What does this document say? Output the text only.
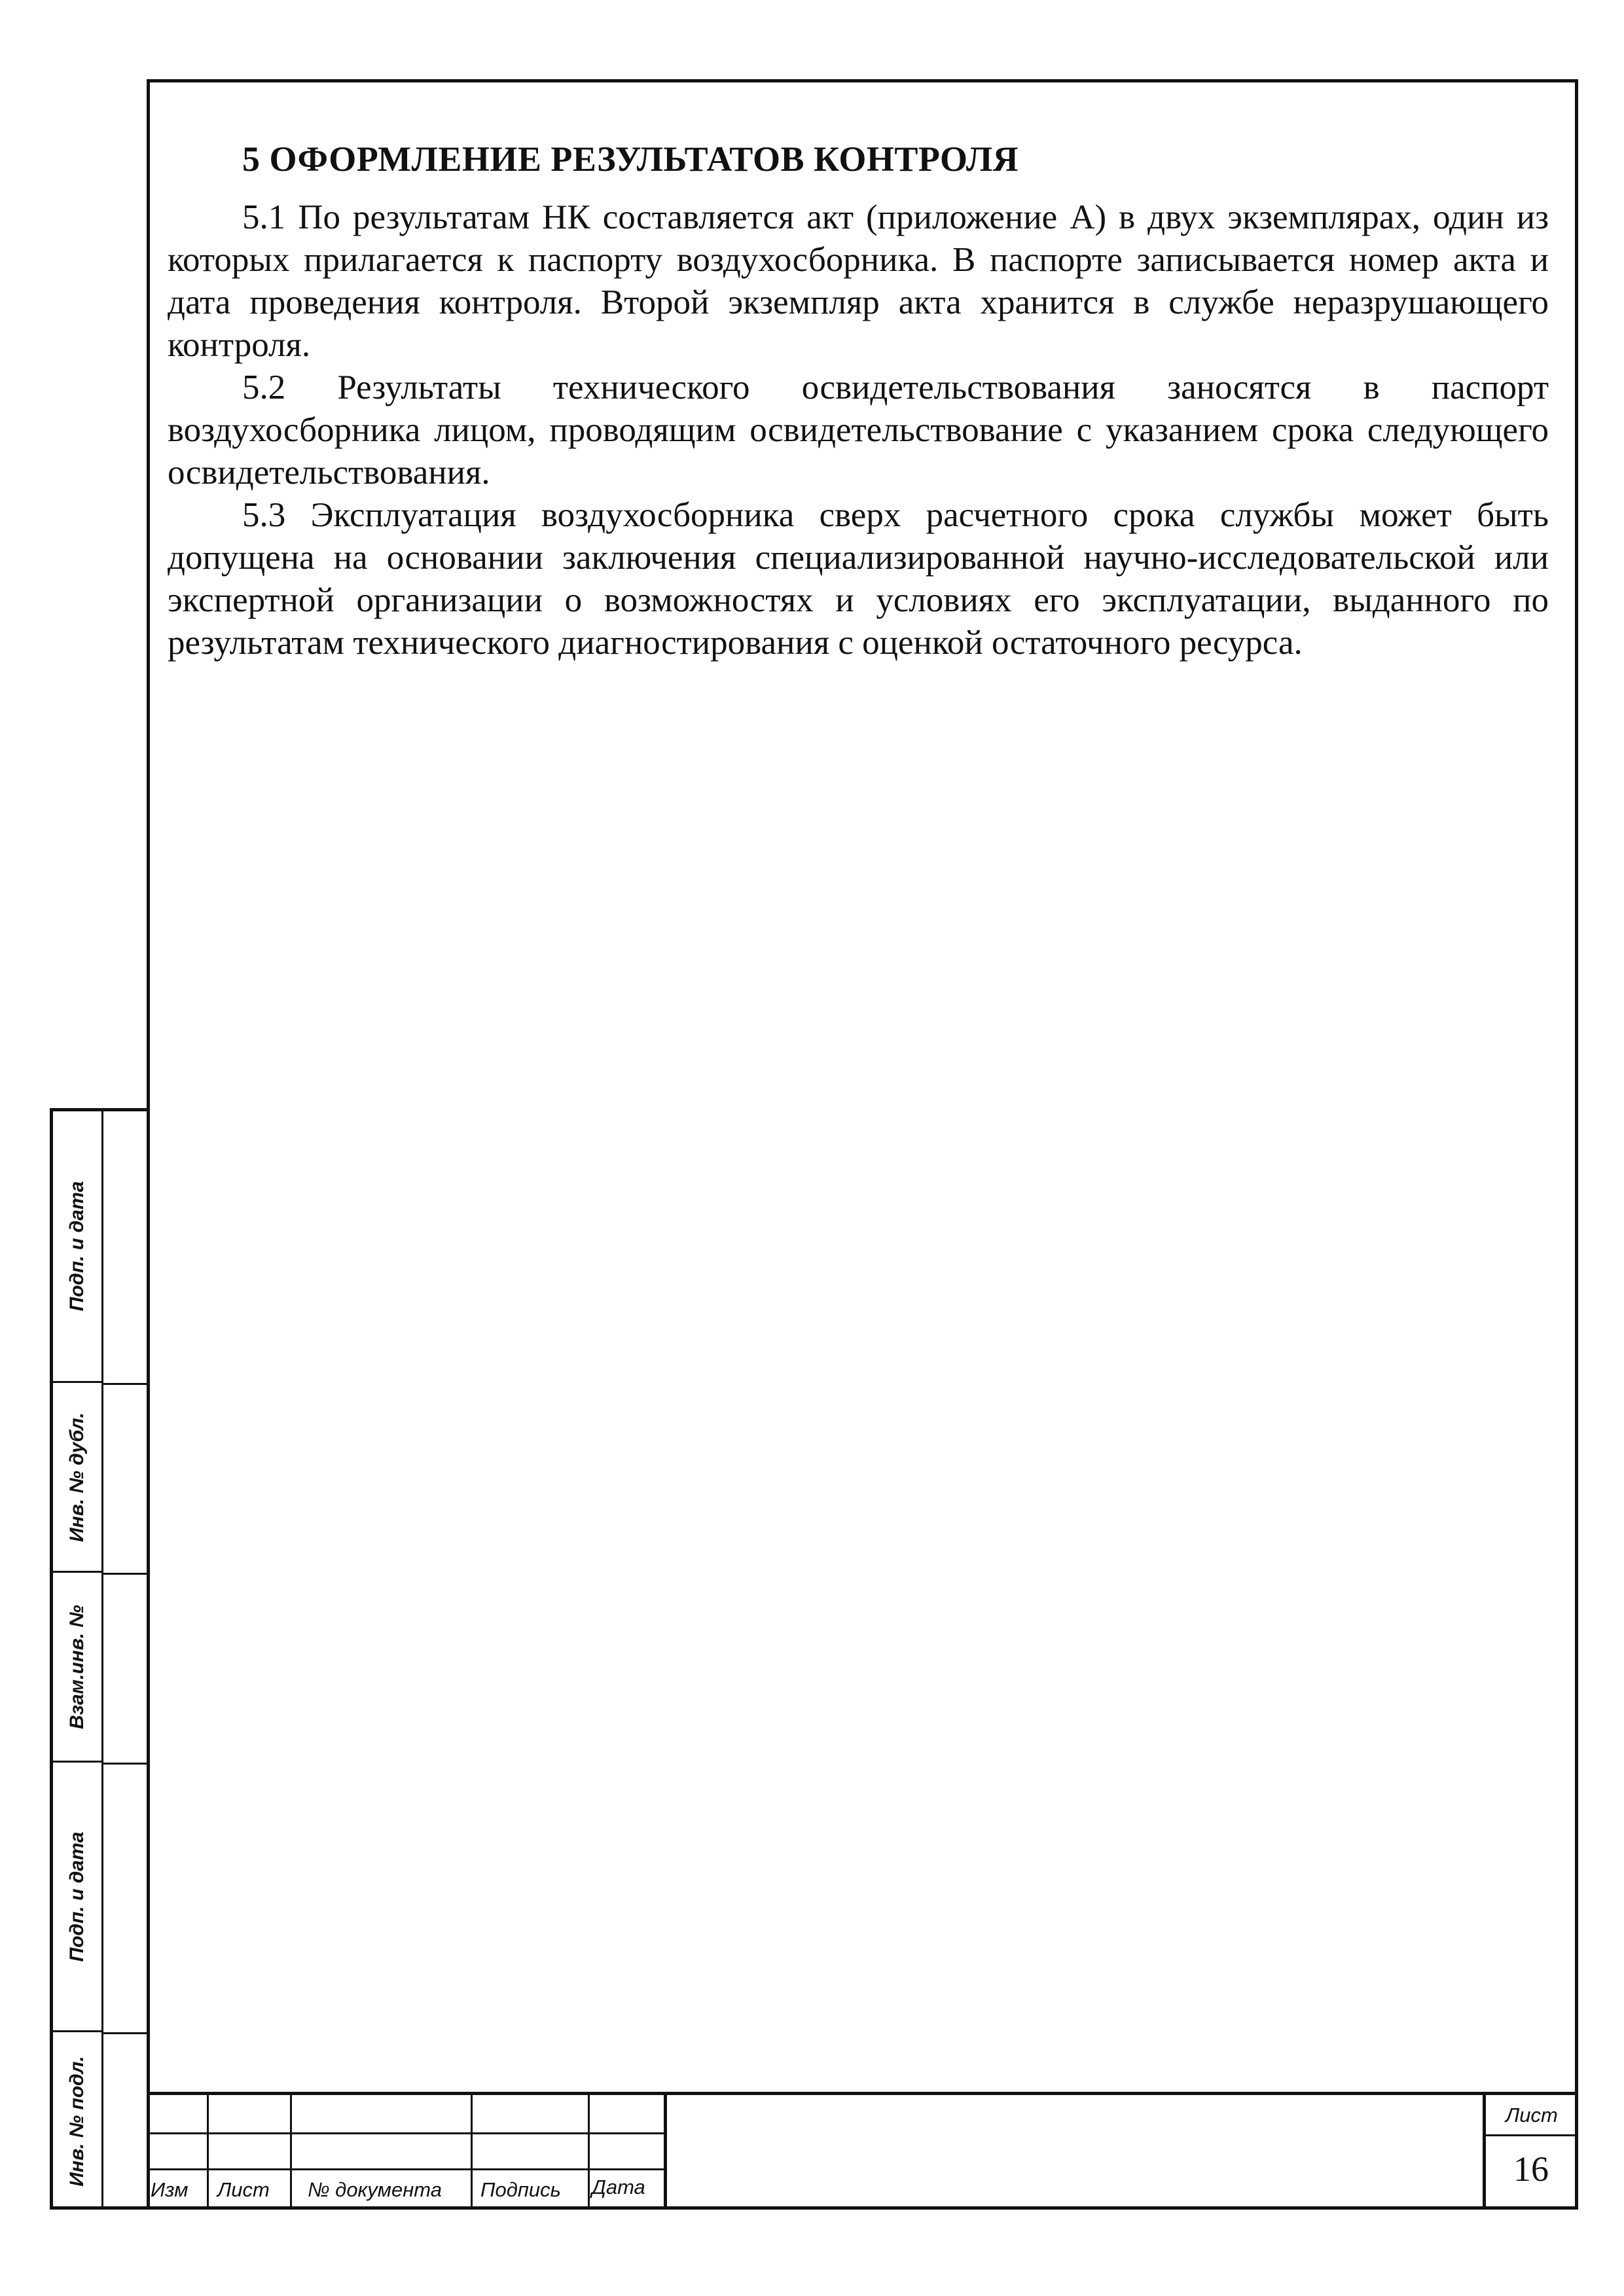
5 ОФОРМЛЕНИЕ РЕЗУЛЬТАТОВ КОНТРОЛЯ

5.1 По результатам НК составляется акт (приложение А) в двух экземплярах, один из которых прилагается к паспорту воздухосборника. В паспорте записывается номер акта и дата проведения контроля. Второй экземпляр акта хранится в службе неразрушающего контроля.

5.2 Результаты технического освидетельствования заносятся в паспорт воздухосборника лицом, проводящим освидетельствование с указанием срока следующего освидетельствования.

5.3 Эксплуатация воздухосборника сверх расчетного срока службы может быть допущена на основании заключения специализированной научно-исследовательской или экспертной организации о возможностях и условиях его эксплуатации, выданного по результатам технического диагностирования с оценкой остаточного ресурса.

Подп. и дата
Инв. № дубл.
Взам.инв. №
Подп. и дата
Инв. № подл.
Изм Лист № документа Подпись Дата
Лист
16
